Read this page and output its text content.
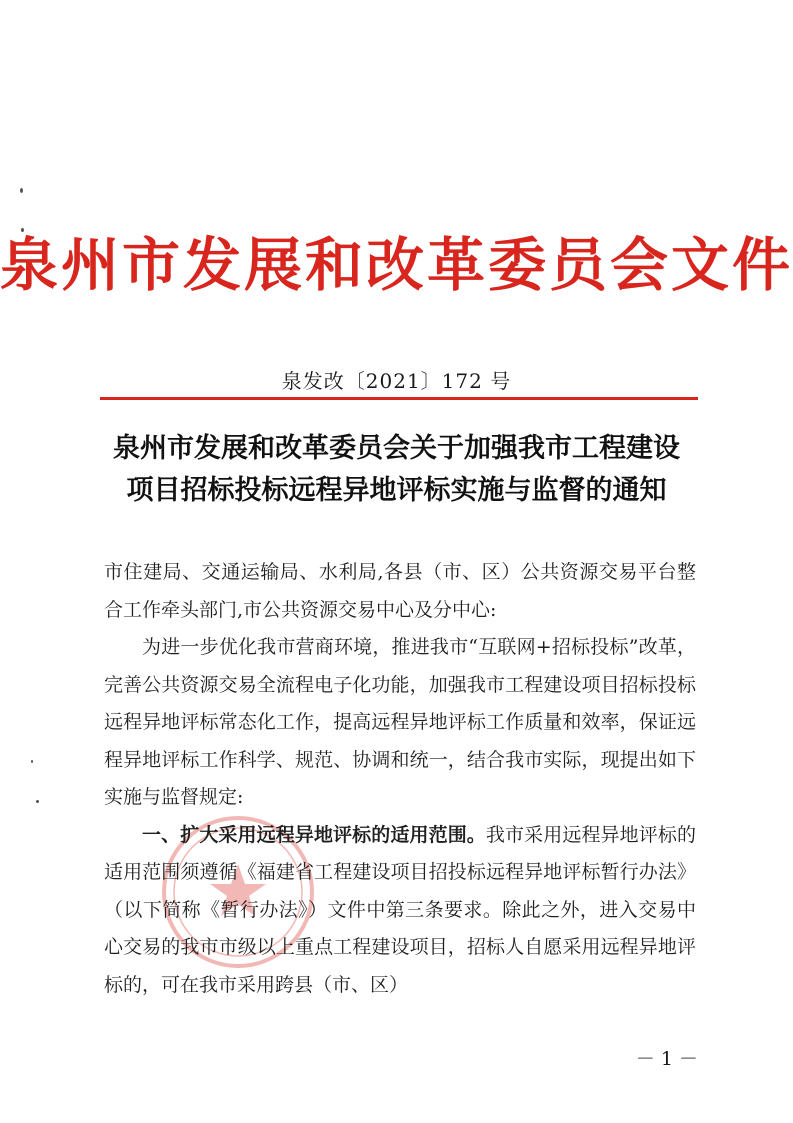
泉州市发展和改革委员会文件
泉发改〔2021〕172 号
泉州市发展和改革委员会关于加强我市工程建设
项目招标投标远程异地评标实施与监督的通知

市住建局、交通运输局、水利局,各县（市、区）公共资源交易平台整合工作牵头部门,市公共资源交易中心及分中心:

为进一步优化我市营商环境，推进我市“互联网+招标投标”改革，完善公共资源交易全流程电子化功能，加强我市工程建设项目招标投标远程异地评标常态化工作，提高远程异地评标工作质量和效率，保证远程异地评标工作科学、规范、协调和统一，结合我市实际，现提出如下实施与监督规定:

一、扩大采用远程异地评标的适用范围。我市采用远程异地评标的适用范围须遵循《福建省工程建设项目招投标远程异地评标暂行办法》（以下简称《暂行办法》）文件中第三条要求。除此之外，进入交易中心交易的我市市级以上重点工程建设项目，招标人自愿采用远程异地评标的，可在我市采用跨县（市、区）

－ 1 －
